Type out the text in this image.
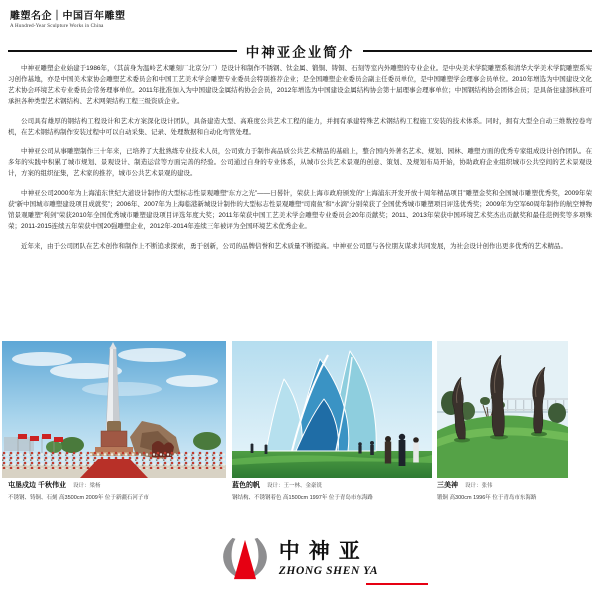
雕塑名企｜中国百年雕塑
A Hundred-Year Sculpture Works in China
中神亚企业简介

中神亚雕塑企业始建于1986年，（其前身为温岭艺术雕刻厂北京分厂）是设计和制作不锈钢、钛金属、锻铜、铸铜、石刻等室内外雕塑的专业企业。是中央美术学院雕塑系和清华大学美术学院雕塑系实习创作基地，亦是中国美术家协会雕塑艺术委员会和中国工艺美术学会雕塑专业委员会特别推荐企业；是全国雕塑企业委员会副主任委员单位，是中国雕塑学会理事会员单位。2010年增选为中国建设文化艺术协会环境艺术专业委员会常务理事单位。2011年批准加入为中国建设金属结构协会会员，2012年增选为中国建设金属结构协会第十届理事会理事单位；中国钢结构协会团体会员；是具备住建部核准可承担各种类型艺术钢结构、艺术网架结构工程三级资质企业。

公司具有雄厚的钢结构工程设计和艺术方案深化设计团队，具备建造大型、高难度公共艺术工程的能力，并拥有承建特殊艺术钢结构工程施工安装的技术体系。同时，拥有大型全自动三维数控卷弯机，在艺术钢结构制作安装过程中可以自动采集、记录、处理数据和自动化弯管处理。

中神亚公司从事雕塑制作三十年来，已培养了大批熟练专业技术人员，公司致力于制作高品质公共艺术精品的基础上，整合国内外著名艺术、规划、园林、雕塑方面的优秀专家组成设计创作团队。在多年的实践中积累了城市规划、景观设计、制造运营等方面完善的经验。公司通过自身的专业体系，从城市公共艺术景观的创意、策划、及规划布局开始，协助政府企业组织城市公共空间的艺术景观设计，方案的组织征集，艺术家的推荐，城市公共艺术景观的建设。

中神亚公司2000年为上海浦东世纪大道设计制作的大型标志性景观雕塑“东方之光”——日晷针，荣获上海市政府颁发的“上海浦东开发开放十周年精品项目”雕塑金奖和全国城市雕塑优秀奖，2009年荣获“新中国城市雕塑建设项目成就奖”；2006年、2007年为上海临港新城设计制作的大型标志性景观雕塑“司南鱼”和“水滴”分别荣获了全国优秀城市雕塑项目评选优秀奖；2009年为空军60周年制作的航空博物馆景观雕塑“利剑”荣获2010年全国优秀城市雕塑建设项目评选年度大奖；2011年荣获中国工艺美术学会雕塑专业委员会20年贡献奖；2011、2013年荣获中国环境艺术奖杰出贡献奖和最佳范例奖等多项殊荣；2011-2015连续五年荣获中国20强雕塑企业，2012年-2014年连续三年被评为全国环境艺术优秀企业。

近年来，由于公司团队在艺术创作和制作上不断追求探索，勇于创新，公司的品牌信誉和艺术质量不断提高。中神亚公司愿与各位朋友谋求共同发展，为社会设计创作出更多优秀的艺术精品。

屯垦戍边 千秋伟业 设计：梁杨
不锈钢、铸铜、石刻 高3500cm 2009年 位于新疆石河子市
蓝色的帆 设计：王一林、金豪铣
钢结构、不锈钢着色 高1500cm 1997年 位于青岛市东海路
三美神 设计：张伟
锻铜 高300cm 1996年 位于青岛市东海路
中神亚
ZHONG SHEN YA
